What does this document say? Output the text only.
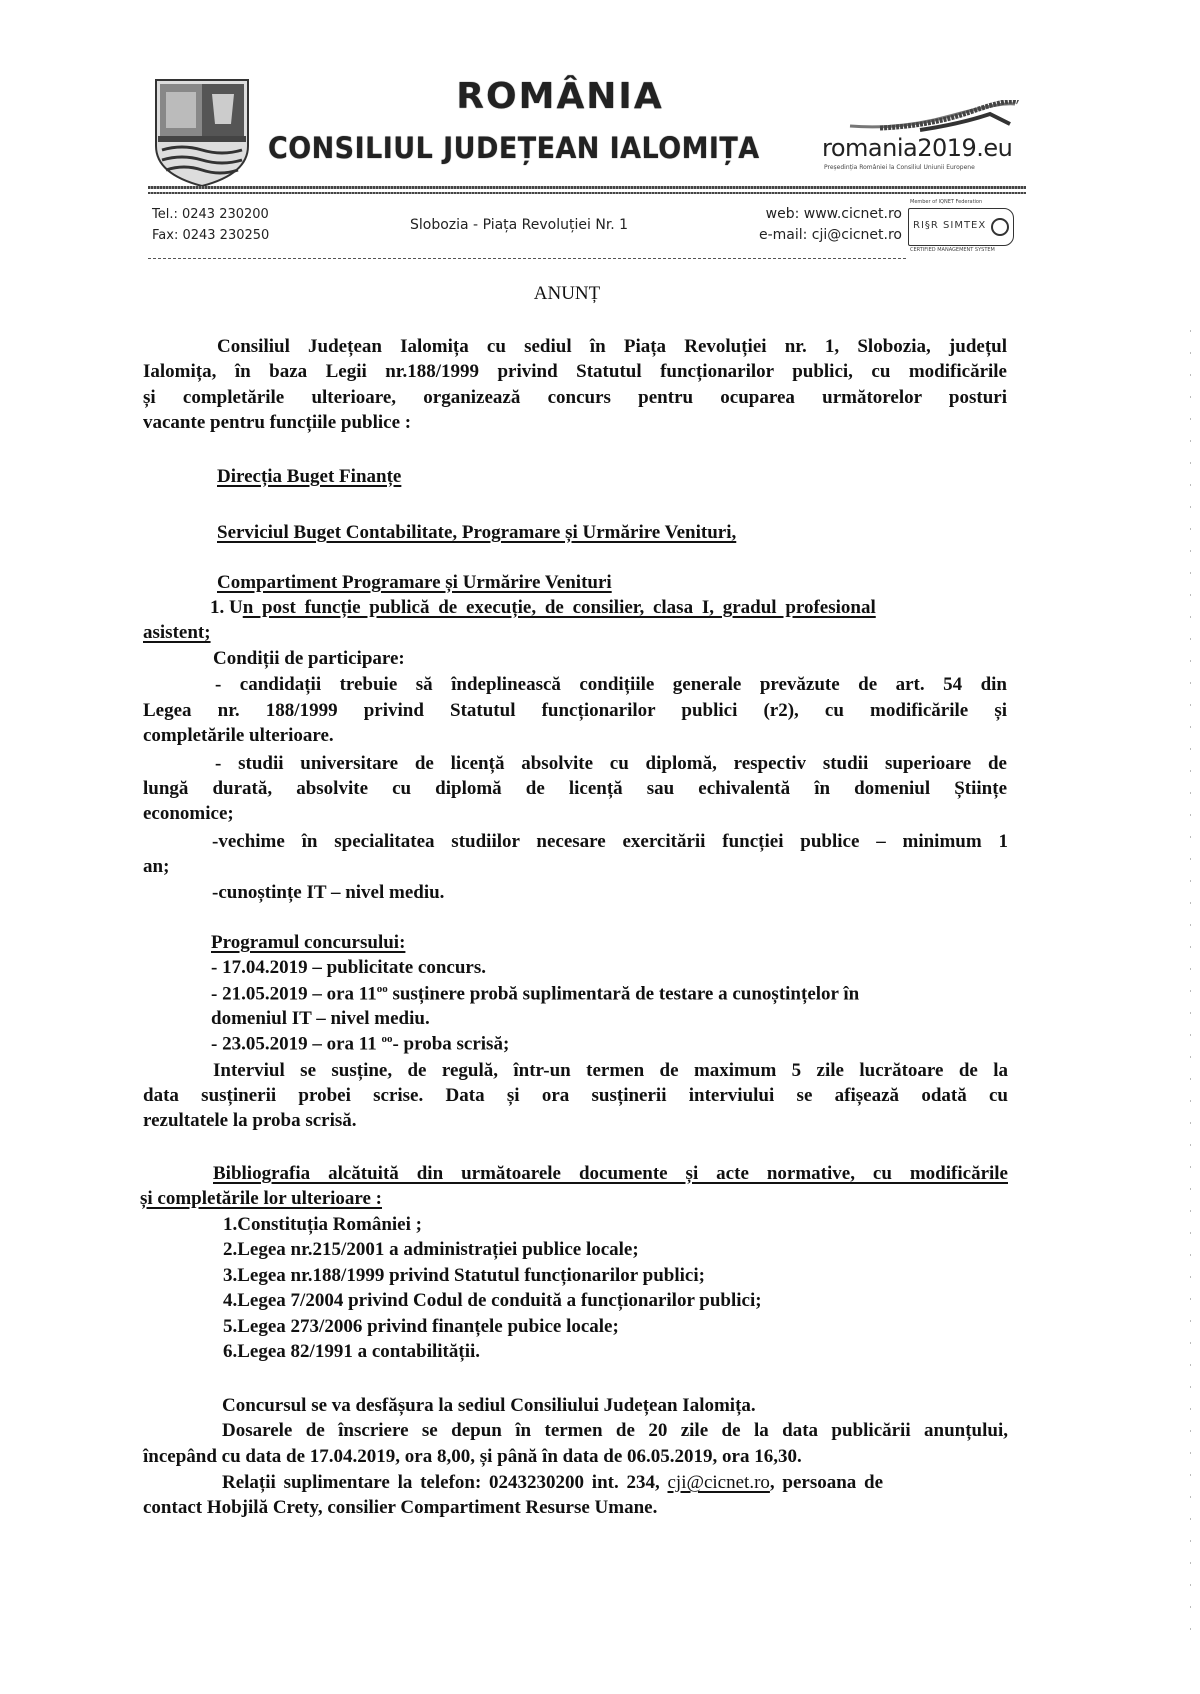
ROMÂNIA
CONSILIUL JUDEȚEAN IALOMIȚA	romania2019.eu
Președinția României la Consiliul Uniunii Europene
Tel.: 0243 230200
Fax: 0243 230250
Slobozia - Piața Revoluției Nr. 1
web: www.cicnet.ro
e-mail: cji@cicnet.ro
Member of IQNET Federation
RI§R SIMTEX
CERTIFIED MANAGEMENT SYSTEM
ANUNȚ
Consiliul Județean Ialomița cu sediul în Piața Revoluției nr. 1, Slobozia, județul
Ialomița, în baza Legii nr.188/1999 privind Statutul funcționarilor publici, cu modificările
și completările ulterioare, organizează concurs pentru ocuparea următorelor posturi
vacante pentru funcțiile publice :
Direcția Buget Finanțe
Serviciul Buget Contabilitate, Programare și Urmărire Venituri,
Compartiment Programare și Urmărire Venituri
1. Un post funcție publică de execuție, de consilier, clasa I, gradul profesional
asistent;
Condiții de participare:
- candidații trebuie să îndeplinească condițiile generale prevăzute de art. 54 din
Legea nr. 188/1999 privind Statutul funcționarilor publici (r2), cu modificările și
completările ulterioare.
- studii universitare de licență absolvite cu diplomă, respectiv studii superioare de
lungă durată, absolvite cu diplomă de licență sau echivalentă în domeniul Științe
economice;
-vechime în specialitatea studiilor necesare exercitării funcției publice – minimum 1
an;
-cunoștințe IT – nivel mediu.
Programul concursului:
- 17.04.2019 – publicitate concurs.
- 21.05.2019 – ora $11^{oo}$ susținere probă suplimentară de testare a cunoștințelor în
domeniul IT – nivel mediu.
- 23.05.2019 – ora 11 $^{oo}$- proba scrisă;
Interviul se susține, de regulă, într-un termen de maximum 5 zile lucrătoare de la
data susținerii probei scrise. Data și ora susținerii interviului se afișează odată cu
rezultatele la proba scrisă.
Bibliografia alcătuită din următoarele documente și acte normative, cu modificările
și completările lor ulterioare :
1.Constituția României ;
2.Legea nr.215/2001 a administrației publice locale;
3.Legea nr.188/1999 privind Statutul funcționarilor publici;
4.Legea 7/2004 privind Codul de conduită a funcționarilor publici;
5.Legea 273/2006 privind finanțele pubice locale;
6.Legea 82/1991 a contabilității.
Concursul se va desfășura la sediul Consiliului Județean Ialomița.
Dosarele de înscriere se depun în termen de 20 zile de la data publicării anunțului,
începând cu data de 17.04.2019, ora 8,00, și până în data de 06.05.2019, ora 16,30.
Relații suplimentare la telefon: 0243230200 int. 234, cji@cicnet.ro, persoana de
contact Hobjilă Crety, consilier Compartiment Resurse Umane.
